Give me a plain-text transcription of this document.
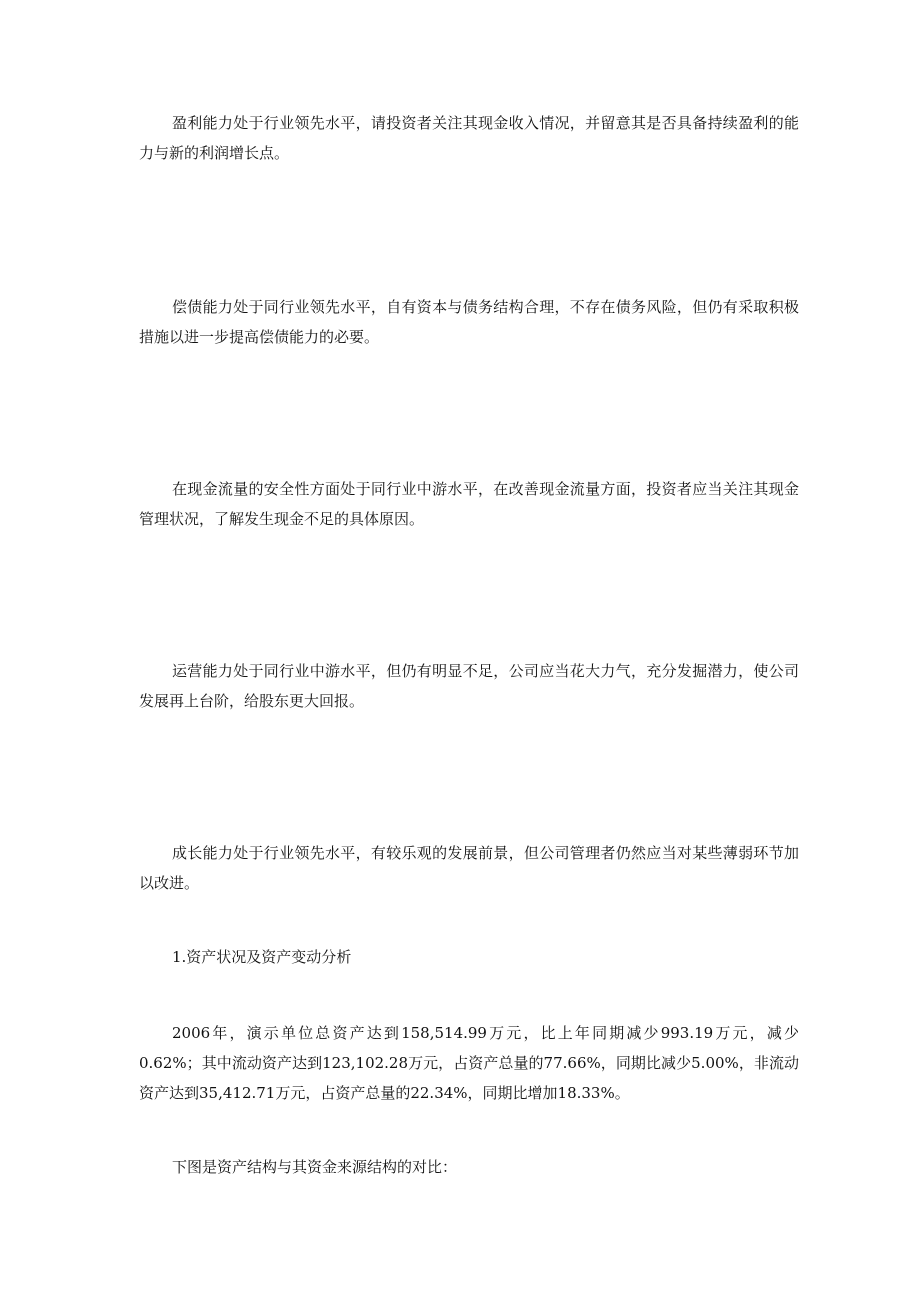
盈利能力处于行业领先水平，请投资者关注其现金收入情况，并留意其是否具备持续盈利的能力与新的利润增长点。

偿债能力处于同行业领先水平，自有资本与债务结构合理，不存在债务风险，但仍有采取积极措施以进一步提高偿债能力的必要。

在现金流量的安全性方面处于同行业中游水平，在改善现金流量方面，投资者应当关注其现金管理状况，了解发生现金不足的具体原因。

运营能力处于同行业中游水平，但仍有明显不足，公司应当花大力气，充分发掘潜力，使公司发展再上台阶，给股东更大回报。

成长能力处于行业领先水平，有较乐观的发展前景，但公司管理者仍然应当对某些薄弱环节加以改进。

1.资产状况及资产变动分析

2006年，演示单位总资产达到158,514.99万元，比上年同期减少993.19万元，减少0.62%；其中流动资产达到123,102.28万元，占资产总量的77.66%，同期比减少5.00%，非流动资产达到35,412.71万元，占资产总量的22.34%，同期比增加18.33%。

下图是资产结构与其资金来源结构的对比：
